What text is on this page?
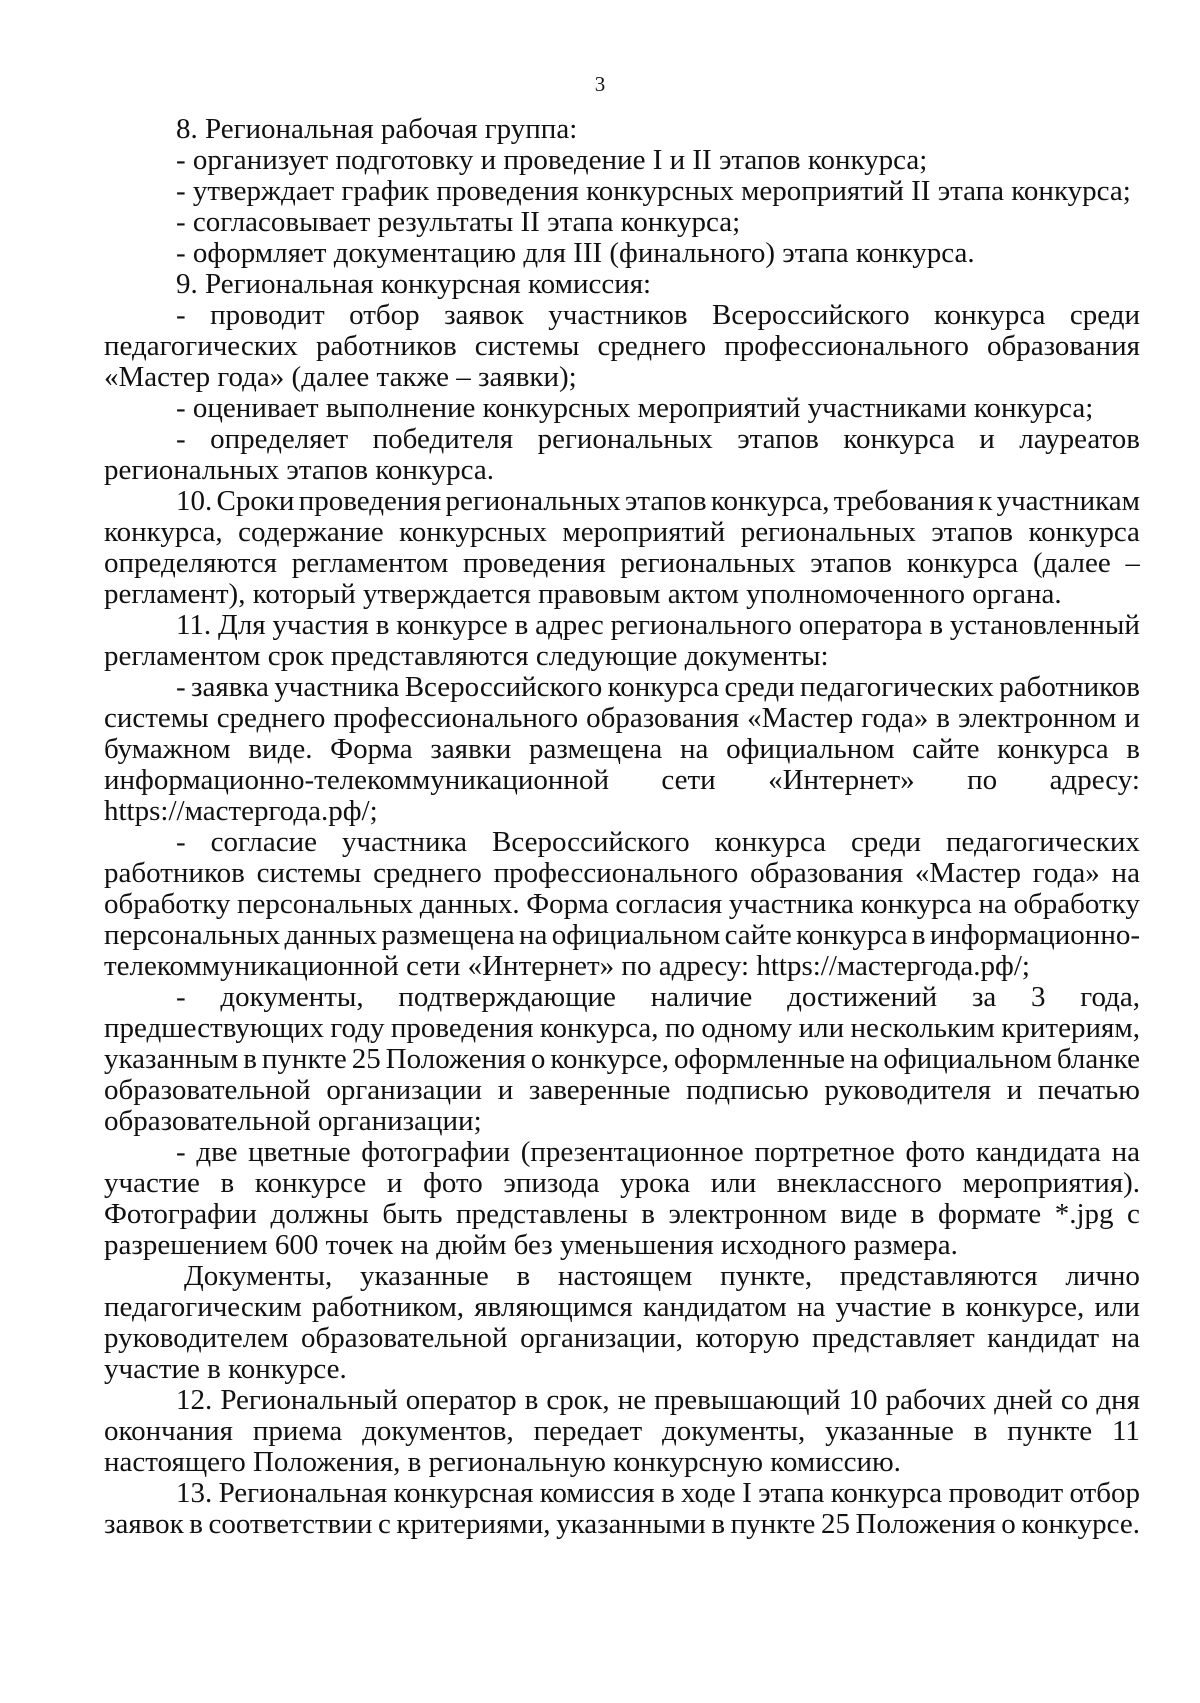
3
8. Региональная рабочая группа:
- организует подготовку и проведение I и II этапов конкурса;
- утверждает график проведения конкурсных мероприятий II этапа конкурса;
- согласовывает результаты II этапа конкурса;
- оформляет документацию для III (финального) этапа конкурса.
9. Региональная конкурсная комиссия:
- проводит отбор заявок участников Всероссийского конкурса среди
педагогических работников системы среднего профессионального образования
«Мастер года» (далее также – заявки);
- оценивает выполнение конкурсных мероприятий участниками конкурса;
- определяет победителя региональных этапов конкурса и лауреатов
региональных этапов конкурса.
10. Сроки проведения региональных этапов конкурса, требования к участникам
конкурса, содержание конкурсных мероприятий региональных этапов конкурса
определяются регламентом проведения региональных этапов конкурса (далее –
регламент), который утверждается правовым актом уполномоченного органа.
11. Для участия в конкурсе в адрес регионального оператора в установленный
регламентом срок представляются следующие документы:
- заявка участника Всероссийского конкурса среди педагогических работников
системы среднего профессионального образования «Мастер года» в электронном и
бумажном виде. Форма заявки размещена на официальном сайте конкурса в
информационно-телекоммуникационной сети «Интернет» по адресу:
https://мастергода.рф/;
- согласие участника Всероссийского конкурса среди педагогических
работников системы среднего профессионального образования «Мастер года» на
обработку персональных данных. Форма согласия участника конкурса на обработку
персональных данных размещена на официальном сайте конкурса в информационно-
телекоммуникационной сети «Интернет» по адресу: https://мастергода.рф/;
- документы, подтверждающие наличие достижений за 3 года,
предшествующих году проведения конкурса, по одному или нескольким критериям,
указанным в пункте 25 Положения о конкурсе, оформленные на официальном бланке
образовательной организации и заверенные подписью руководителя и печатью
образовательной организации;
- две цветные фотографии (презентационное портретное фото кандидата на
участие в конкурсе и фото эпизода урока или внеклассного мероприятия).
Фотографии должны быть представлены в электронном виде в формате *.jpg с
разрешением 600 точек на дюйм без уменьшения исходного размера.
Документы, указанные в настоящем пункте, представляются лично
педагогическим работником, являющимся кандидатом на участие в конкурсе, или
руководителем образовательной организации, которую представляет кандидат на
участие в конкурсе.
12. Региональный оператор в срок, не превышающий 10 рабочих дней со дня
окончания приема документов, передает документы, указанные в пункте 11
настоящего Положения, в региональную конкурсную комиссию.
13. Региональная конкурсная комиссия в ходе I этапа конкурса проводит отбор
заявок в соответствии с критериями, указанными в пункте 25 Положения о конкурсе.
